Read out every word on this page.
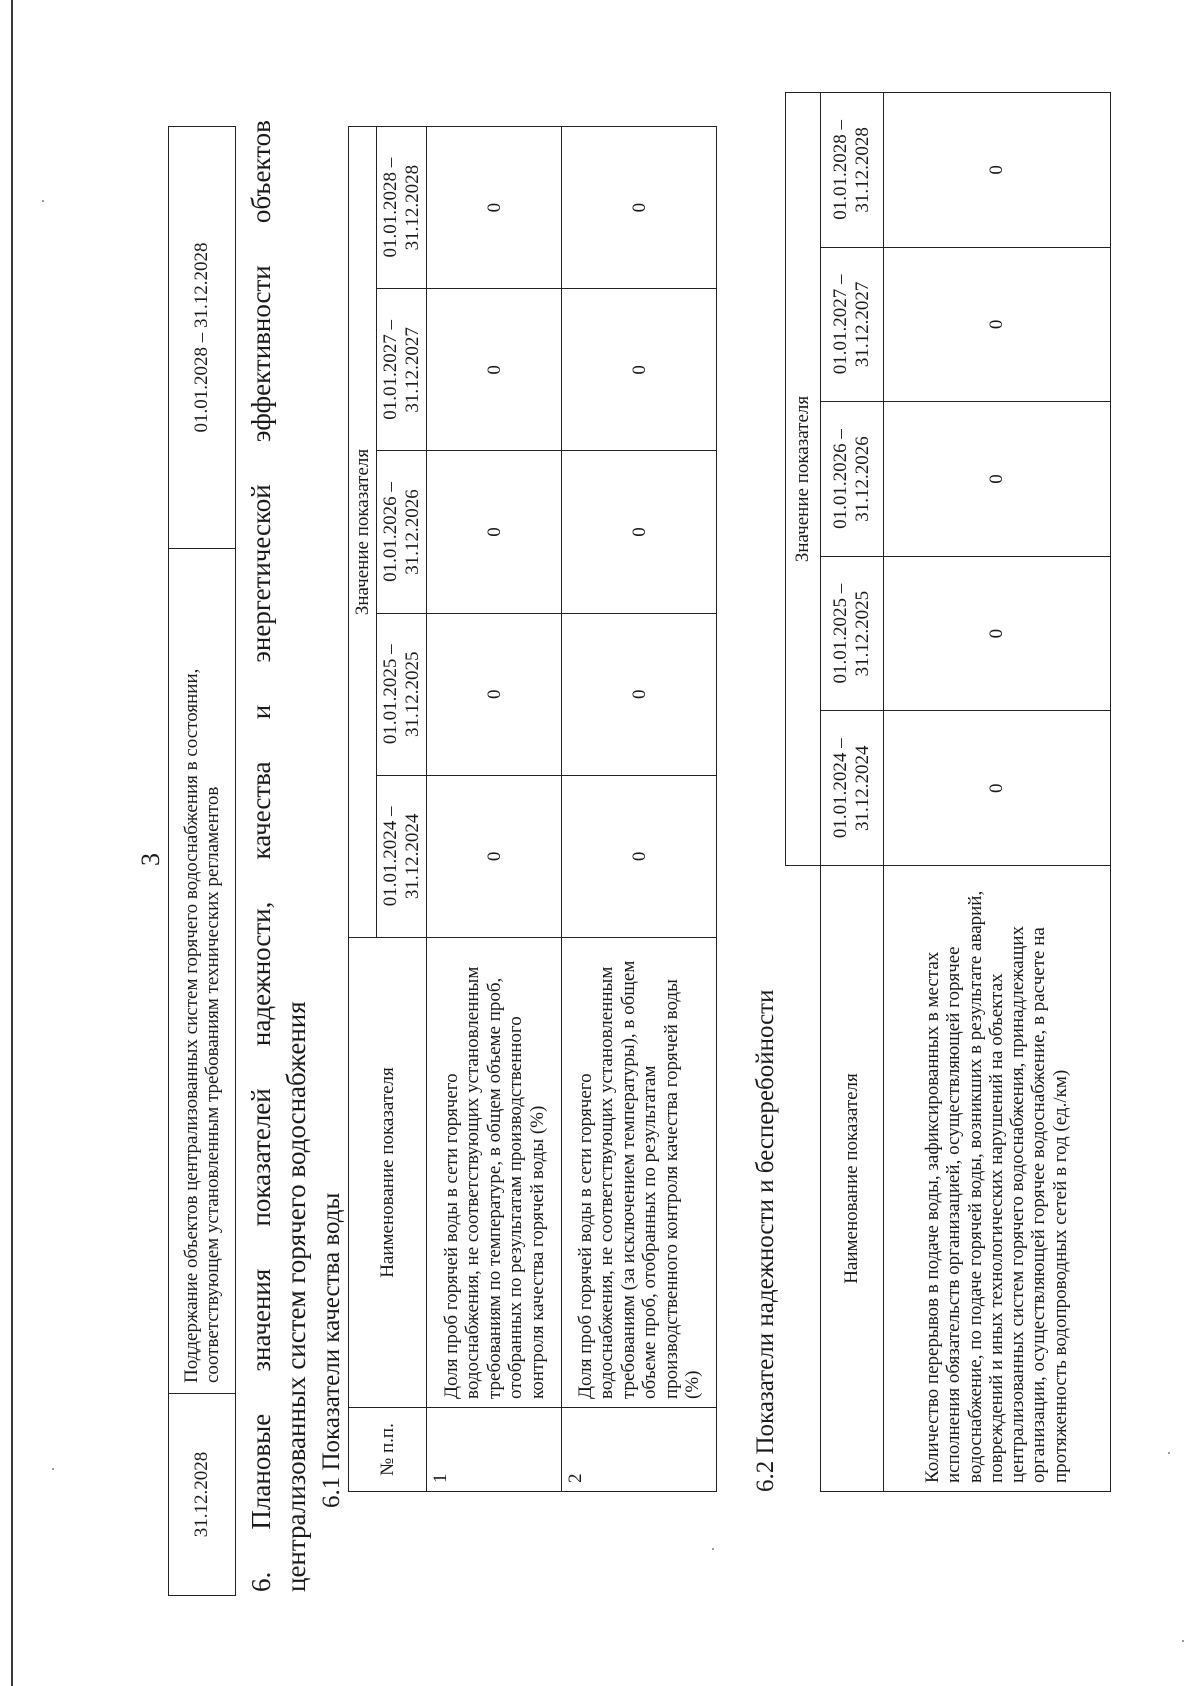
3
31.12.2028	Поддержание объектов централизованных систем горячего водоснабжения в состоянии, соответствующем установленным требованиям технических регламентов	01.01.2028 – 31.12.2028
6.
Плановые
значения
показателей
надежности,
качества
и
энергетической
эффективности
объектов
централизованных систем горячего водоснабжения 6.1 Показатели качества воды № п.п.	Наименование показателя	Значение показателя				
		01.01.2024 – 31.12.2024	01.01.2025 – 31.12.2025	01.01.2026 – 31.12.2026	01.01.2027 – 31.12.2027	01.01.2028 – 31.12.2028
1	Доля проб горячей воды в сети горячего водоснабжения, не соответствующих установленным требованиям по температуре, в общем объеме проб, отобранных по результатам производственного контроля качества горячей воды (%)	0	0	0	0	0
2	Доля проб горячей воды в сети горячего водоснабжения, не соответствующих установленным требованиям (за исключением температуры), в общем объеме проб, отобранных по результатам производственного контроля качества горячей воды (%)	0	0	0	0	0
6.2 Показатели надежности и бесперебойности
	Значение показателя				
Наименование показателя	01.01.2024 – 31.12.2024	01.01.2025 – 31.12.2025	01.01.2026 – 31.12.2026	01.01.2027 – 31.12.2027	01.01.2028 – 31.12.2028
Количество перерывов в подаче воды, зафиксированных в местах исполнения обязательств организацией, осуществляющей горячее водоснабжение, по подаче горячей воды, возникших в результате аварий, повреждений и иных технологических нарушений на объектах централизованных систем горячего водоснабжения, принадлежащих организации, осуществляющей горячее водоснабжение, в расчете на протяженность водопроводных сетей в год (ед./км)	0	0	0	0	0
